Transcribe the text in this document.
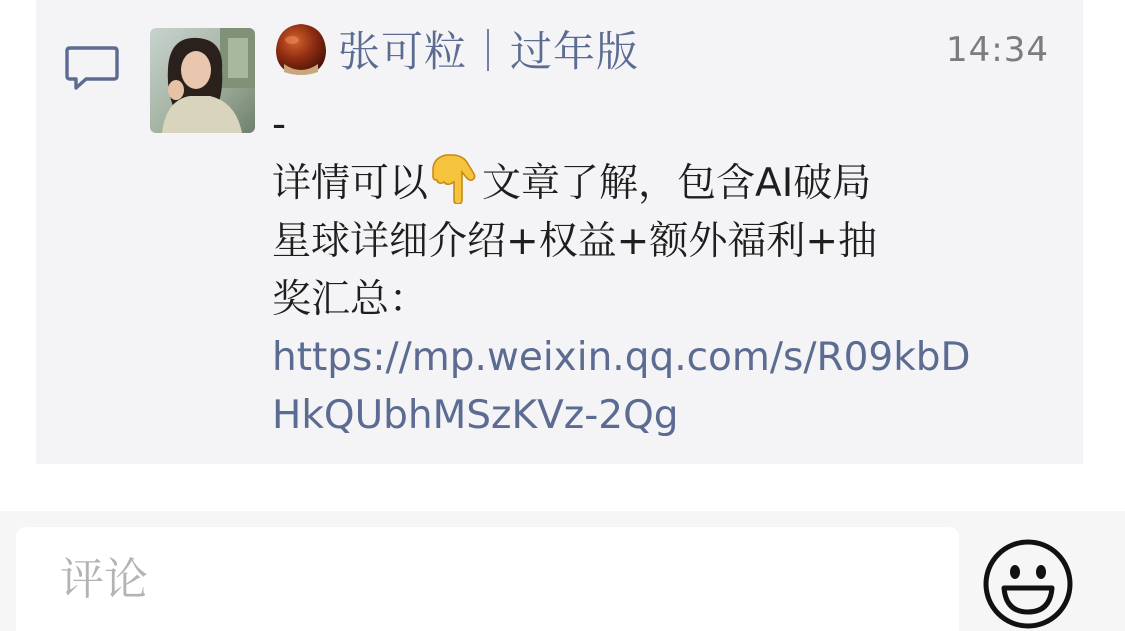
张可粒｜过年版	14:34
-
详情可以 文章了解，包含AI破局
星球详细介绍+权益+额外福利+抽
奖汇总：
https://mp.weixin.qq.com/s/R09kbD
HkQUbhMSzKVz-2Qg
评论
